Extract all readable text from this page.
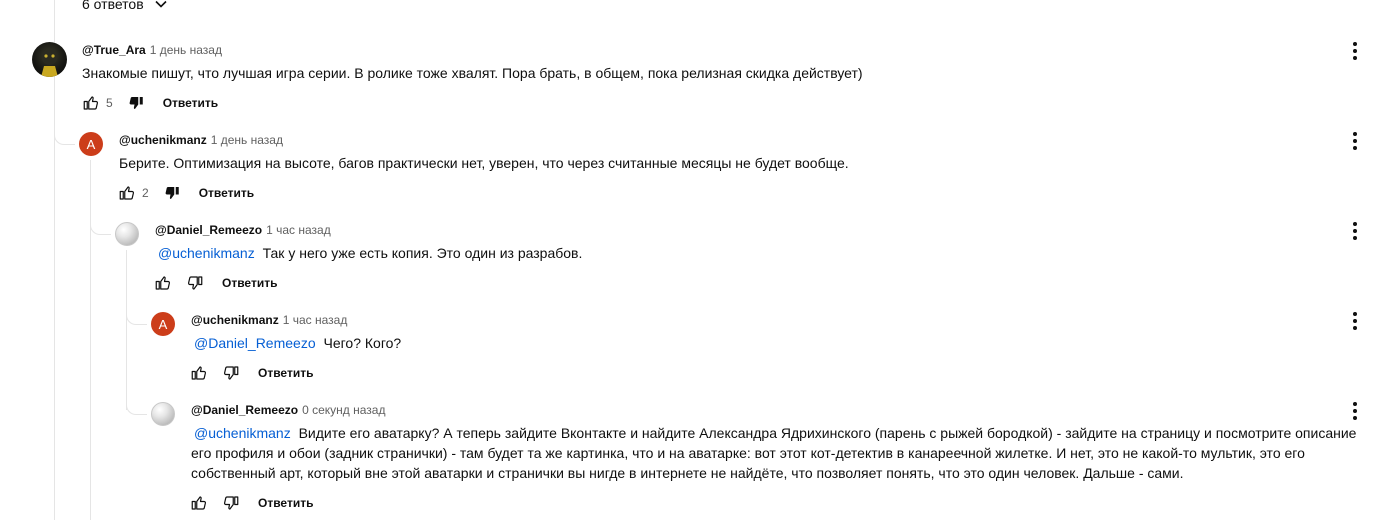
6 ответов
@True_Ara 1 день назад
Знакомые пишут, что лучшая игра серии. В ролике тоже хвалят. Пора брать, в общем, пока релизная скидка действует)
5	Ответить
A @uchenikmanz 1 день назад
Берите. Оптимизация на высоте, багов практически нет, уверен, что через считанные месяцы не будет вообще.
2	Ответить
@Daniel_Remeezo 1 час назад
@uchenikmanz Так у него уже есть копия. Это один из разрабов.
Ответить
A @uchenikmanz 1 час назад
@Daniel_Remeezo Чего? Кого?
Ответить
@Daniel_Remeezo 0 секунд назад
@uchenikmanz Видите его аватарку? А теперь зайдите Вконтакте и найдите Александра Ядрихинского (парень с рыжей бородкой) - зайдите на страницу и посмотрите описание его профиля и обои (задник странички) - там будет та же картинка, что и на аватарке: вот этот кот-детектив в канареечной жилетке. И нет, это не какой-то мультик, это его собственный арт, который вне этой аватарки и странички вы нигде в интернете не найдёте, что позволяет понять, что это один человек. Дальше - сами.
Ответить
